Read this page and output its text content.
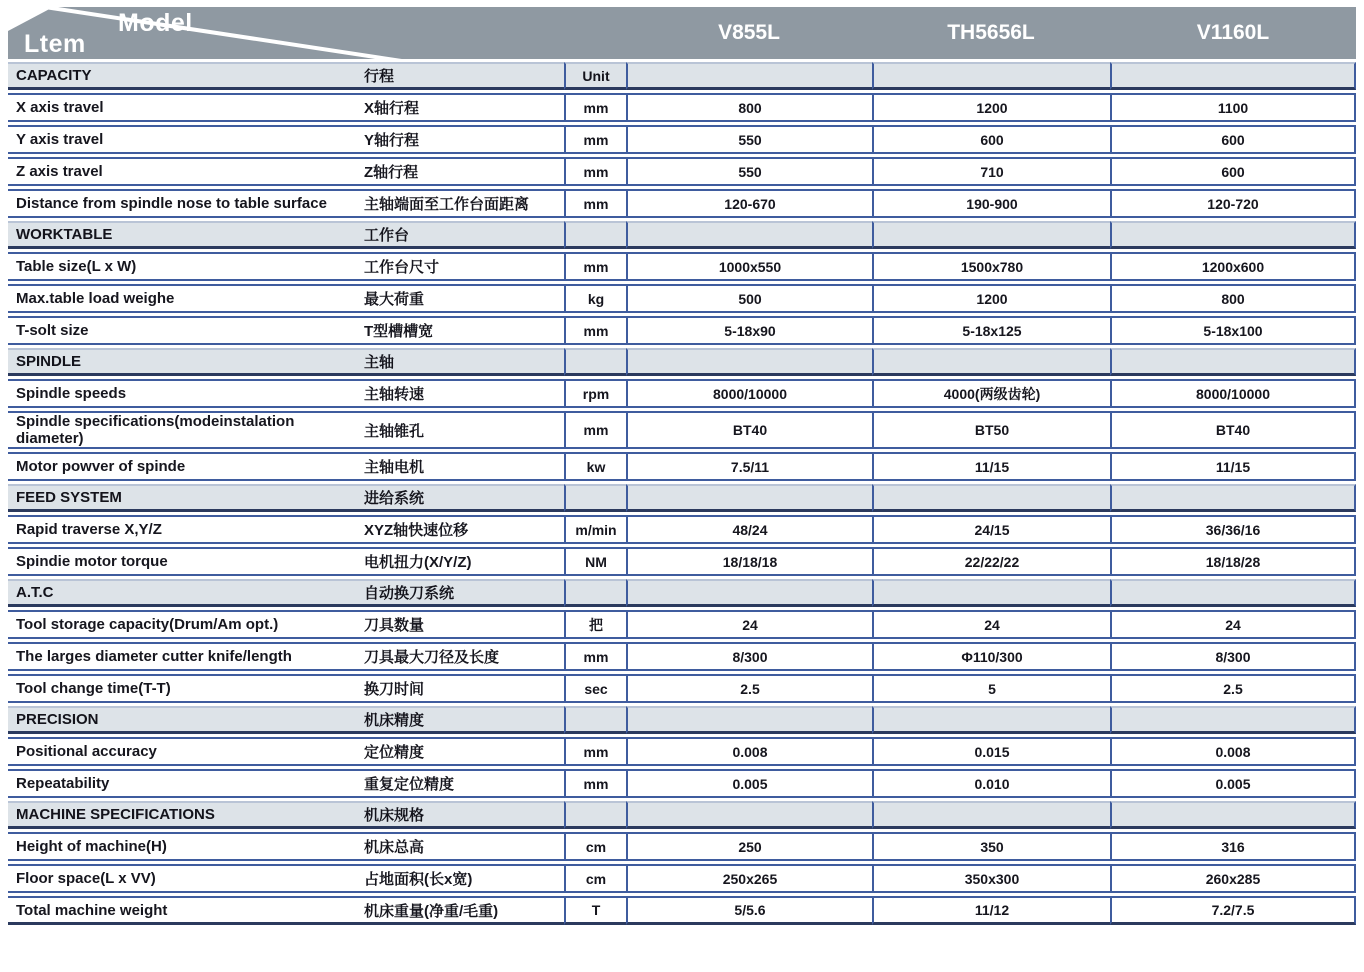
Model
Ltem			V855L	TH5656L	V1160L
CAPACITY	行程	Unit			
X axis travel	X轴行程	mm	800	1200	1100
Y axis travel	Y轴行程	mm	550	600	600
Z axis travel	Z轴行程	mm	550	710	600
Distance from spindle nose to table surface	主轴端面至工作台面距离	mm	120-670	190-900	120-720
WORKTABLE	工作台				
Table size(L x W)	工作台尺寸	mm	1000x550	1500x780	1200x600
Max.table load weighe	最大荷重	kg	500	1200	800
T-solt size	T型槽槽宽	mm	5-18x90	5-18x125	5-18x100
SPINDLE	主轴				
Spindle speeds	主轴转速	rpm	8000/10000	4000(两级齿轮)	8000/10000
Spindle specifications(modeinstalation diameter)	主轴锥孔	mm	BT40	BT50	BT40
Motor powver of spinde	主轴电机	kw	7.5/11	11/15	11/15
FEED SYSTEM	进给系统				
Rapid traverse X,Y/Z	XYZ轴快速位移	m/min	48/24	24/15	36/36/16
Spindie motor torque	电机扭力(X/Y/Z)	NM	18/18/18	22/22/22	18/18/28
A.T.C	自动换刀系统				
Tool storage capacity(Drum/Am opt.)	刀具数量	把	24	24	24
The larges diameter cutter knife/length	刀具最大刀径及长度	mm	8/300	Φ110/300	8/300
Tool change time(T-T)	换刀时间	sec	2.5	5	2.5
PRECISION	机床精度				
Positional accuracy	定位精度	mm	0.008	0.015	0.008
Repeatability	重复定位精度	mm	0.005	0.010	0.005
MACHINE SPECIFICATIONS	机床规格				
Height of machine(H)	机床总高	cm	250	350	316
Floor space(L x VV)	占地面积(长x宽)	cm	250x265	350x300	260x285
Total machine weight	机床重量(净重/毛重)	T	5/5.6	11/12	7.2/7.5
